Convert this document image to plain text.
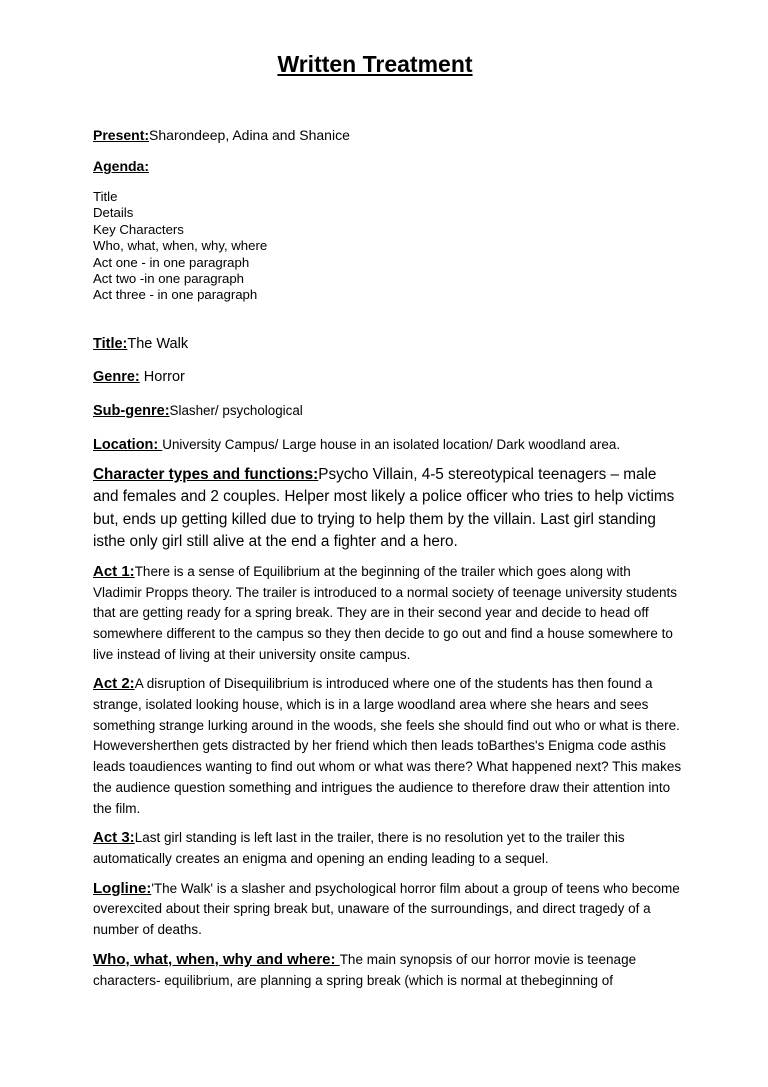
Written Treatment

Present:Sharondeep, Adina and Shanice

Agenda:

Title
Details
Key Characters
Who, what, when, why, where
Act one - in one paragraph
Act two -in one paragraph
Act three - in one paragraph

Title:The Walk

Genre: Horror

Sub-genre:Slasher/ psychological

Location: University Campus/ Large house in an isolated location/ Dark woodland area.

Character types and functions:Psycho Villain, 4-5 stereotypical teenagers – male and females and 2 couples. Helper most likely a police officer who tries to help victims but, ends up getting killed due to trying to help them by the villain. Last girl standing isthe only girl still alive at the end a fighter and a hero.

Act 1:There is a sense of Equilibrium at the beginning of the trailer which goes along with Vladimir Propps theory. The trailer is introduced to a normal society of teenage university students that are getting ready for a spring break. They are in their second year and decide to head off somewhere different to the campus so they then decide to go out and find a house somewhere to live instead of living at their university onsite campus.

Act 2:A disruption of Disequilibrium is introduced where one of the students has then found a strange, isolated looking house, which is in a large woodland area where she hears and sees something strange lurking around in the woods, she feels she should find out who or what is there. Howeversherthen gets distracted by her friend which then leads toBarthes's Enigma code asthis leads toaudiences wanting to find out whom or what was there? What happened next? This makes the audience question something and intrigues the audience to therefore draw their attention into the film.

Act 3:Last girl standing is left last in the trailer, there is no resolution yet to the trailer this automatically creates an enigma and opening an ending leading to a sequel.

Logline:'The Walk' is a slasher and psychological horror film about a group of teens who become overexcited about their spring break but, unaware of the surroundings, and direct tragedy of a number of deaths.

Who, what, when, why and where: The main synopsis of our horror movie is teenage characters- equilibrium, are planning a spring break (which is normal at thebeginning of
